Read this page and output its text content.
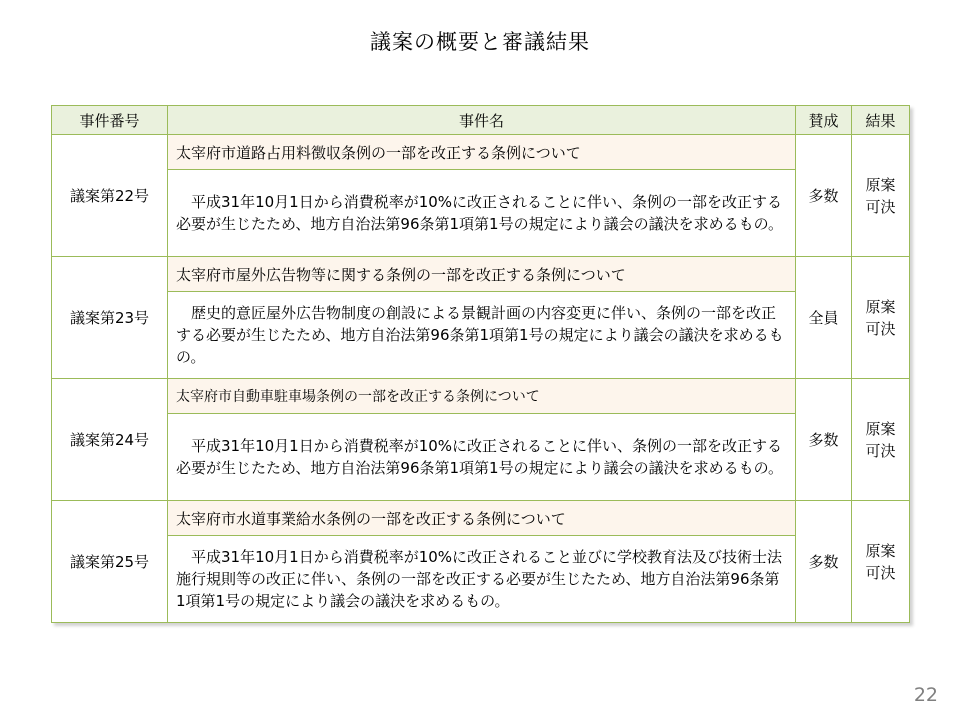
議案の概要と審議結果
事件番号	事件名	賛成	結果
議案第22号	太宰府市道路占用料徴収条例の一部を改正する条例について	多数	原案
可決

	平成31年10月1日から消費税率が10%に改正されることに伴い、条例の一部を改正する必要が生じたため、地方自治法第96条第1項第1号の規定により議会の議決を求めるもの。		
議案第23号	太宰府市屋外広告物等に関する条例の一部を改正する条例について	全員	原案
可決

	歴史的意匠屋外広告物制度の創設による景観計画の内容変更に伴い、条例の一部を改正する必要が生じたため、地方自治法第96条第1項第1号の規定により議会の議決を求めるもの。		
議案第24号	太宰府市自動車駐車場条例の一部を改正する条例について	多数	原案
可決

	平成31年10月1日から消費税率が10%に改正されることに伴い、条例の一部を改正する必要が生じたため、地方自治法第96条第1項第1号の規定により議会の議決を求めるもの。		
議案第25号	太宰府市水道事業給水条例の一部を改正する条例について	多数	原案
可決

	平成31年10月1日から消費税率が10%に改正されること並びに学校教育法及び技術士法施行規則等の改正に伴い、条例の一部を改正する必要が生じたため、地方自治法第96条第1項第1号の規定により議会の議決を求めるもの。		
22
